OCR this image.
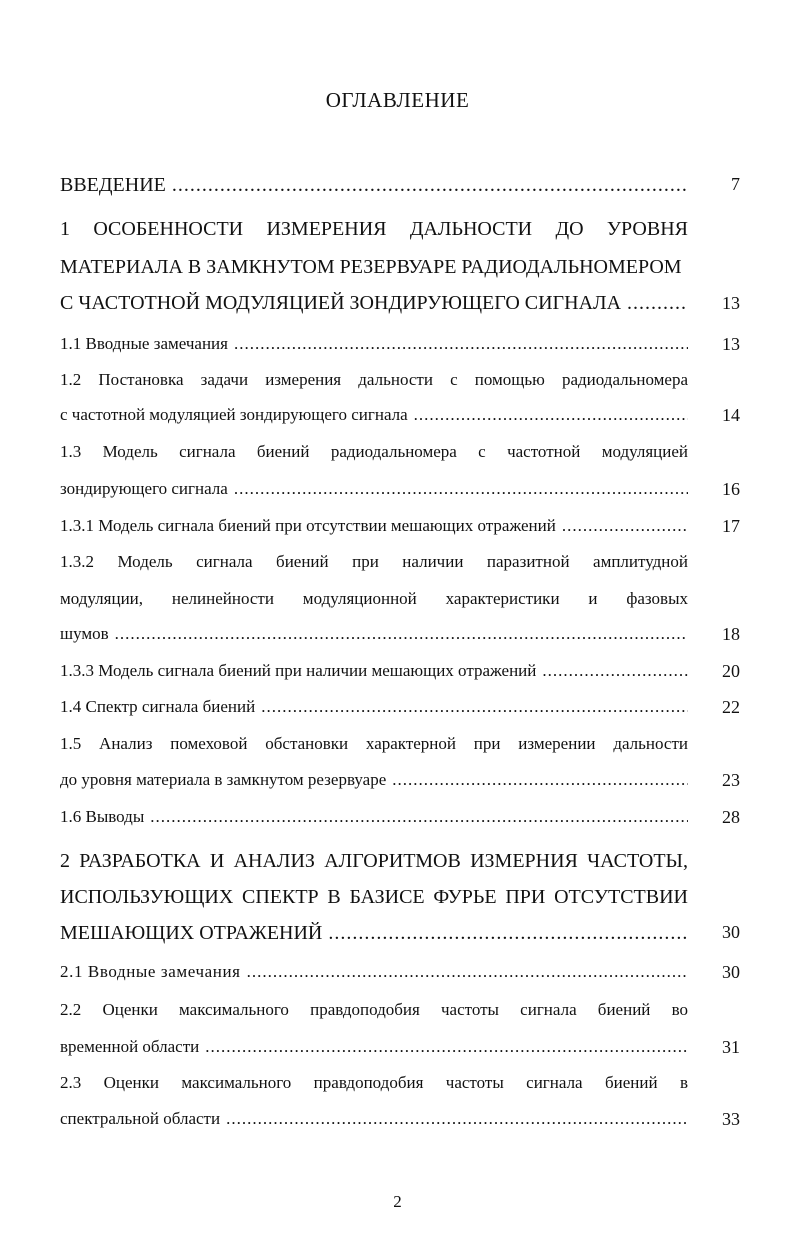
ОГЛАВЛЕНИЕ
ВВЕДЕНИЕ .....	7
1 ОСОБЕННОСТИ ИЗМЕРЕНИЯ ДАЛЬНОСТИ ДО УРОВНЯ
МАТЕРИАЛА В ЗАМКНУТОМ РЕЗЕРВУАРЕ РАДИОДАЛЬНОМЕРОМ
С ЧАСТОТНОЙ МОДУЛЯЦИЕЙ ЗОНДИРУЮЩЕГО СИГНАЛА .....	13
1.1 Вводные замечания .....	13
1.2 Постановка задачи измерения дальности с помощью радиодальномера
с частотной модуляцией зондирующего сигнала .....	14
1.3 Модель сигнала биений радиодальномера с частотной модуляцией
зондирующего сигнала .....	16
1.3.1 Модель сигнала биений при отсутствии мешающих отражений .....	17
1.3.2 Модель сигнала биений при наличии паразитной амплитудной
модуляции, нелинейности модуляционной характеристики и фазовых
шумов .....	18
1.3.3 Модель сигнала биений при наличии мешающих отражений .....	20
1.4 Спектр сигнала биений .....	22
1.5 Анализ помеховой обстановки характерной при измерении дальности
до уровня материала в замкнутом резервуаре .....	23
1.6 Выводы .....	28
2 РАЗРАБОТКА И АНАЛИЗ АЛГОРИТМОВ ИЗМЕРНИЯ ЧАСТОТЫ,
ИСПОЛЬЗУЮЩИХ СПЕКТР В БАЗИСЕ ФУРЬЕ ПРИ ОТСУТСТВИИ
МЕШАЮЩИХ ОТРАЖЕНИЙ .....	30
2.1 Вводные замечания .....	30
2.2 Оценки максимального правдоподобия частоты сигнала биений во
временной области .....	31
2.3 Оценки максимального правдоподобия частоты сигнала биений в
спектральной области .....	33
2
